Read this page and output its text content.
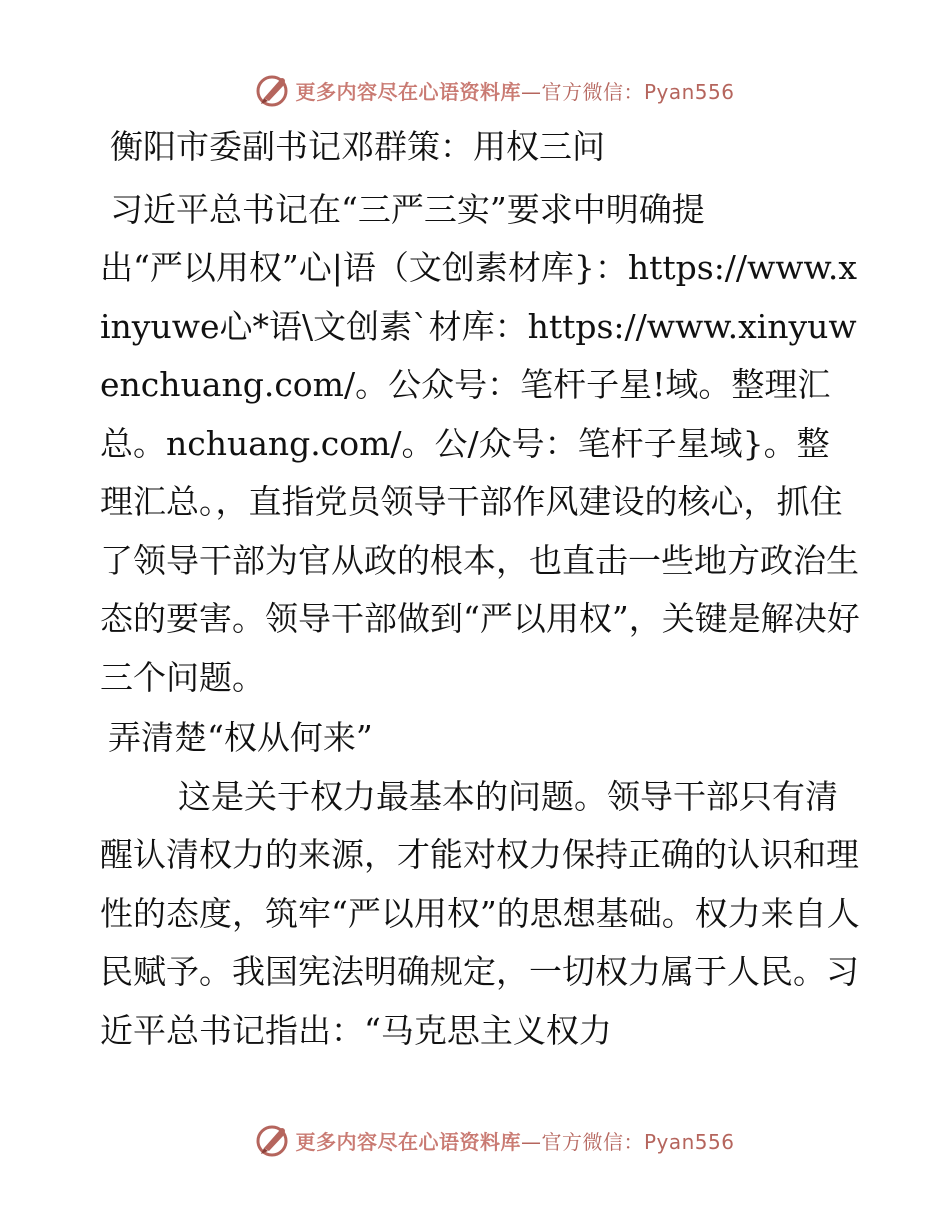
更多内容尽在心语资料库—官方微信：Pyan556

衡阳市委副书记邓群策：用权三问

习近平总书记在“三严三实”要求中明确提

出“严以用权”心|语（文创素材库}：https://www.xinyuwe心*语\文创素`材库：https://www.xinyuwenchuang.com/。公众号：笔杆子星!域。整理汇总。nchuang.com/。公/众号：笔杆子星域}。整理汇总。，直指党员领导干部作风建设的核心，抓住了领导干部为官从政的根本，也直击一些地方政治生态的要害。领导干部做到“严以用权”，关键是解决好三个问题。

弄清楚“权从何来”

这是关于权力最基本的问题。领导干部只有清醒认清权力的来源，才能对权力保持正确的认识和理性的态度，筑牢“严以用权”的思想基础。权力来自人民赋予。我国宪法明确规定，一切权力属于人民。习近平总书记指出：“马克思主义权力

更多内容尽在心语资料库—官方微信：Pyan556
